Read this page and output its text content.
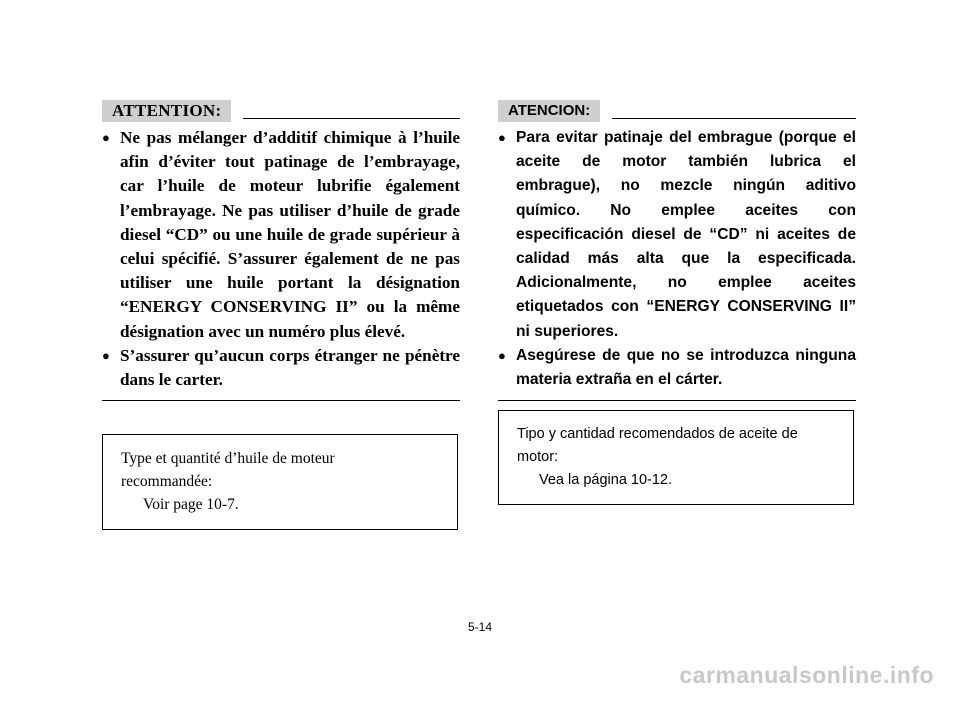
ATTENTION:
● Ne pas mélanger d’additif chimique à l’huile afin d’éviter tout patinage de l’embrayage, car l’huile de moteur lubrifie également l’embrayage. Ne pas utiliser d’huile de grade diesel “CD” ou une huile de grade supérieur à celui spécifié. S’assurer également de ne pas utiliser une huile portant la désignation “ENERGY CONSERVING II” ou la même désignation avec un numéro plus élevé.
● S’assurer qu’aucun corps étranger ne pénètre dans le carter.
ATENCION:
● Para evitar patinaje del embrague (porque el aceite de motor también lubrica el embrague), no mezcle ningún aditivo químico. No emplee aceites con especificación diesel de “CD” ni aceites de calidad más alta que la especificada. Adicionalmente, no emplee aceites etiquetados con “ENERGY CONSERVING II” ni superiores.
● Asegúrese de que no se introduzca ninguna materia extraña en el cárter.
Type et quantité d’huile de moteur
recommandée:

Voir page 10-7.
Tipo y cantidad recomendados de aceite de
motor:

Vea la página 10-12.
5-14
carmanualsonline.info
